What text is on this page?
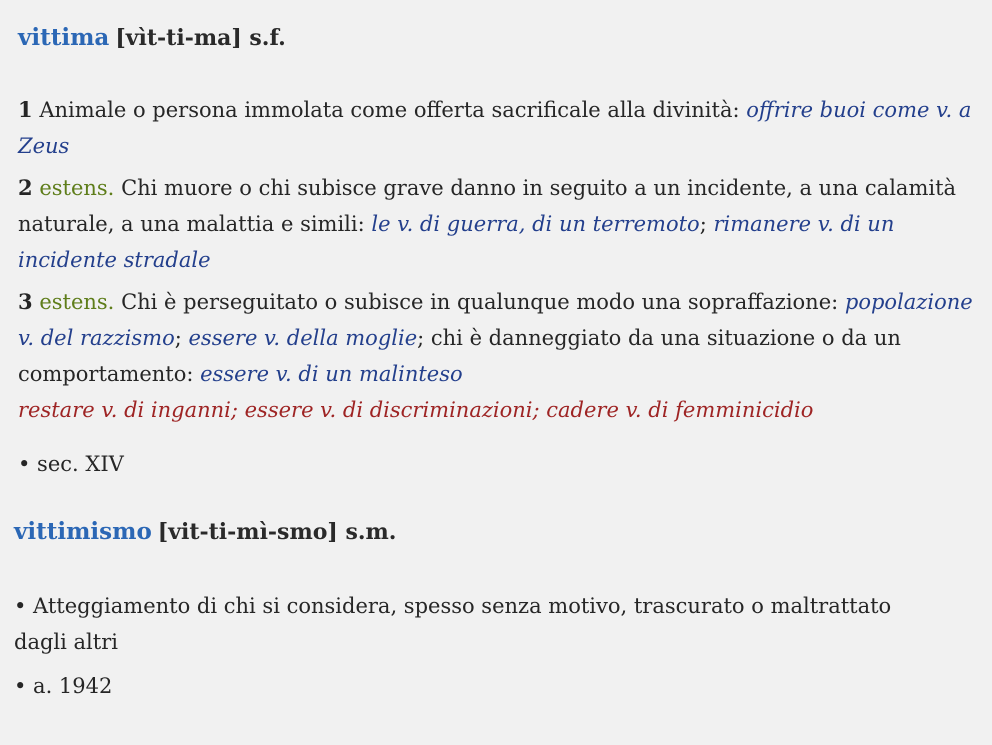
vittima [vìt-ti-ma] s.f.
1 Animale o persona immolata come offerta sacrificale alla divinità: offrire buoi come v. a Zeus
2 estens. Chi muore o chi subisce grave danno in seguito a un incidente, a una calamità naturale, a una malattia e simili: le v. di guerra, di un terremoto; rimanere v. di un incidente stradale
3 estens. Chi è perseguitato o subisce in qualunque modo una sopraffazione: popolazione v. del razzismo; essere v. della moglie; chi è danneggiato da una situazione o da un comportamento: essere v. di un malinteso
restare v. di inganni; essere v. di discriminazioni; cadere v. di femminicidio
• sec. XIV
vittimismo [vit-ti-mì-smo] s.m.
• Atteggiamento di chi si considera, spesso senza motivo, trascurato o maltrattato dagli altri
• a. 1942
